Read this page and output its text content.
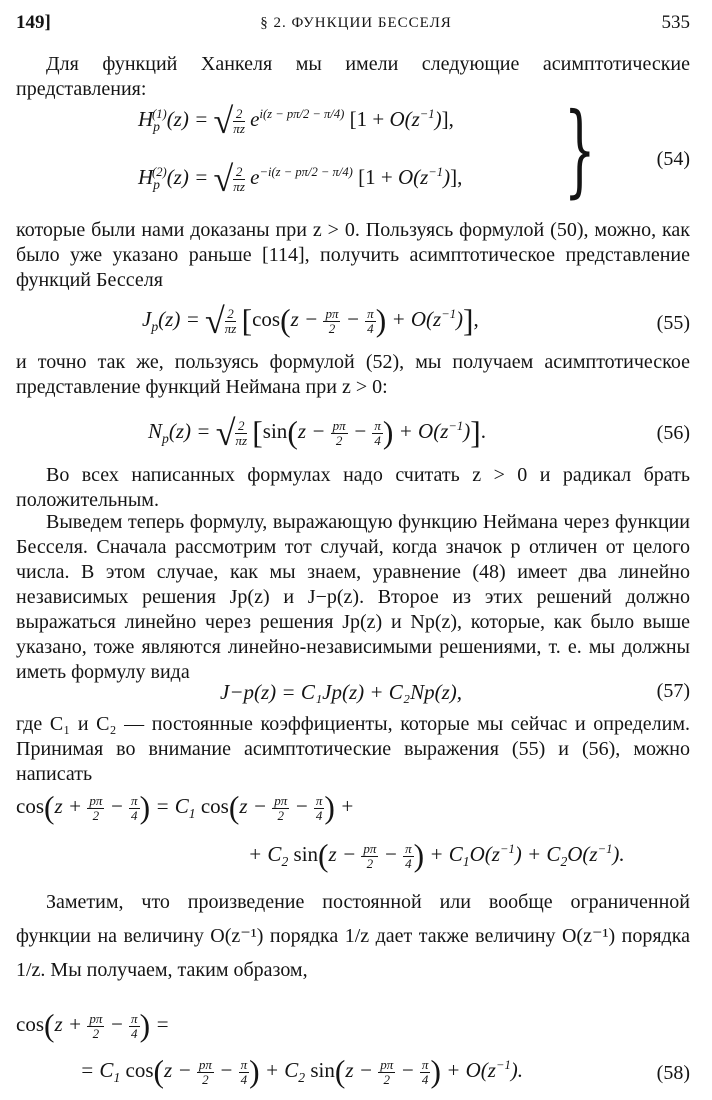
149]	§ 2. ФУНКЦИИ БЕССЕЛЯ	535
Для функций Ханкеля мы имели следующие асимптотические представления:
$H_p^{(1)}(z)$ = √ $\frac{2}{\pi z} e^{i(z - p\pi/2 - \pi/4)}$ $[1 + O(z^{-1})]$,
$H_p^{(2)}(z)$ = √ $\frac{2}{\pi z} e^{-i(z - p\pi/2 - \pi/4)}$ $[1 + O(z^{-1})]$, }	(54)
которые были нами доказаны при z > 0. Пользуясь формулой (50), можно, как было уже указано раньше [114], получить асимптотическое представление функций Бесселя
$J_p(z)$ = √ $\frac{2}{\pi z} [\cos(z - \frac{p\pi}{2} - \frac{\pi}{4}$ ) + $O(z^{-1})$],	(55)
и точно так же, пользуясь формулой (52), мы получаем асимптотическое представление функций Неймана при z > 0:
$N_p(z)$ = √ $\frac{2}{\pi z} [\sin(z - \frac{p\pi}{2} - \frac{\pi}{4}$ ) + $O(z^{-1})$].	(56)
Во всех написанных формулах надо считать z > 0 и радикал брать положительным.
Выведем теперь формулу, выражающую функцию Неймана через функции Бесселя. Сначала рассмотрим тот случай, когда значок p отличен от целого числа. В этом случае, как мы знаем, уравнение (48) имеет два линейно независимых решения Jp(z) и J−p(z). Второе из этих решений должно выражаться линейно через решения Jp(z) и Np(z), которые, как было выше указано, тоже являются линейно-независимыми решениями, т. е. мы должны иметь формулу вида
J−p(z) = C₁Jp(z) + C₂Np(z),	(57)
где C₁ и C₂ — постоянные коэффициенты, которые мы сейчас и определим. Принимая во внимание асимптотические выражения (55) и (56), можно написать
$\cos(z + \frac{p\pi}{2} - \frac{\pi}{4}$ ) = $C_1$ $\cos(z - \frac{p\pi}{2} - \frac{\pi}{4}$ ) +
+ $C_2$ $\sin(z - \frac{p\pi}{2} - \frac{\pi}{4}$ ) + $C_1O(z^{-1}) + C_2O(z^{-1})$.
Заметим, что произведение постоянной или вообще ограниченной функции на величину O(z⁻¹) порядка 1/z дает также величину O(z⁻¹) порядка 1/z. Мы получаем, таким образом,
$\cos(z + \frac{p\pi}{2} - \frac{\pi}{4}$ ) =
= $C_1$ $\cos(z - \frac{p\pi}{2} - \frac{\pi}{4}$ ) + $C_2$ $\sin(z - \frac{p\pi}{2} - \frac{\pi}{4}$ ) + $O(z^{-1})$.	(58)
